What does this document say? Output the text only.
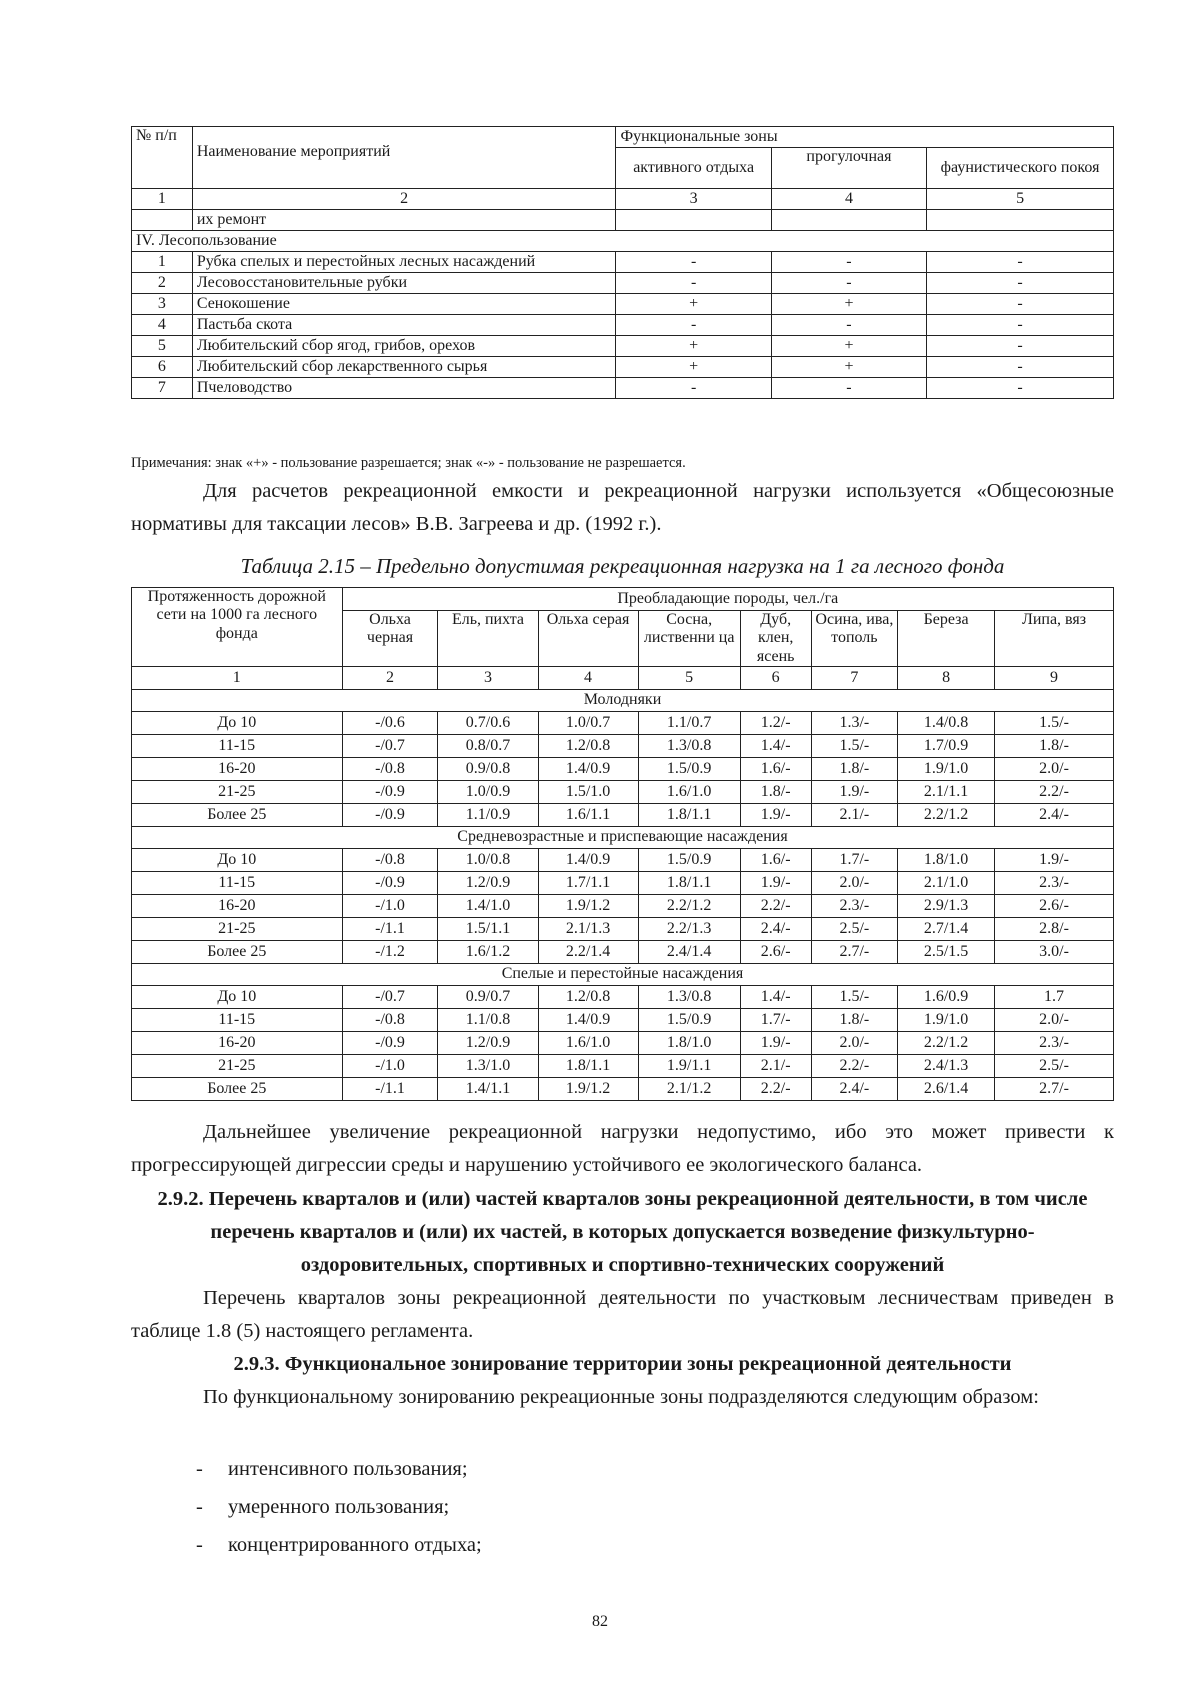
№ п/п	Наименование мероприятий	Функциональные зоны		
		активного отдыха	прогулочная	фаунистического покоя
1	2	3	4	5
	их ремонт			
IV. Лесопользование				
1	Рубка спелых и перестойных лесных насаждений	-	-	-
2	Лесовосстановительные рубки	-	-	-
3	Сенокошение	+	+	-
4	Пастьба скота	-	-	-
5	Любительский сбор ягод, грибов, орехов	+	+	-
6	Любительский сбор лекарственного сырья	+	+	-
7	Пчеловодство	-	-	-
Примечания: знак «+» - пользование разрешается; знак «-» - пользование не разрешается.
Для расчетов рекреационной емкости и рекреационной нагрузки используется «Общесоюзные нормативы для таксации лесов» В.В. Загреева и др. (1992 г.).
Таблица 2.15 – Предельно допустимая рекреационная нагрузка на 1 га лесного фонда
Протяженность дорожной сети на 1000 га лесного фонда	Преобладающие породы, чел./га							
	Ольха черная	Ель, пихта	Ольха серая	Сосна, лиственни ца	Дуб, клен, ясень	Осина, ива, тополь	Береза	Липа, вяз
1	2	3	4	5	6	7	8	9
Молодняки								
До 10	-/0.6	0.7/0.6	1.0/0.7	1.1/0.7	1.2/-	1.3/-	1.4/0.8	1.5/-
11-15	-/0.7	0.8/0.7	1.2/0.8	1.3/0.8	1.4/-	1.5/-	1.7/0.9	1.8/-
16-20	-/0.8	0.9/0.8	1.4/0.9	1.5/0.9	1.6/-	1.8/-	1.9/1.0	2.0/-
21-25	-/0.9	1.0/0.9	1.5/1.0	1.6/1.0	1.8/-	1.9/-	2.1/1.1	2.2/-
Более 25	-/0.9	1.1/0.9	1.6/1.1	1.8/1.1	1.9/-	2.1/-	2.2/1.2	2.4/-
Средневозрастные и приспевающие насаждения								
До 10	-/0.8	1.0/0.8	1.4/0.9	1.5/0.9	1.6/-	1.7/-	1.8/1.0	1.9/-
11-15	-/0.9	1.2/0.9	1.7/1.1	1.8/1.1	1.9/-	2.0/-	2.1/1.0	2.3/-
16-20	-/1.0	1.4/1.0	1.9/1.2	2.2/1.2	2.2/-	2.3/-	2.9/1.3	2.6/-
21-25	-/1.1	1.5/1.1	2.1/1.3	2.2/1.3	2.4/-	2.5/-	2.7/1.4	2.8/-
Более 25	-/1.2	1.6/1.2	2.2/1.4	2.4/1.4	2.6/-	2.7/-	2.5/1.5	3.0/-
Спелые и перестойные насаждения								
До 10	-/0.7	0.9/0.7	1.2/0.8	1.3/0.8	1.4/-	1.5/-	1.6/0.9	1.7
11-15	-/0.8	1.1/0.8	1.4/0.9	1.5/0.9	1.7/-	1.8/-	1.9/1.0	2.0/-
16-20	-/0.9	1.2/0.9	1.6/1.0	1.8/1.0	1.9/-	2.0/-	2.2/1.2	2.3/-
21-25	-/1.0	1.3/1.0	1.8/1.1	1.9/1.1	2.1/-	2.2/-	2.4/1.3	2.5/-
Более 25	-/1.1	1.4/1.1	1.9/1.2	2.1/1.2	2.2/-	2.4/-	2.6/1.4	2.7/-
Дальнейшее увеличение рекреационной нагрузки недопустимо, ибо это может привести к прогрессирующей дигрессии среды и нарушению устойчивого ее экологического баланса.
2.9.2. Перечень кварталов и (или) частей кварталов зоны рекреационной деятельности, в том числе перечень кварталов и (или) их частей, в которых допускается возведение физкультурно-оздоровительных, спортивных и спортивно-технических сооружений
Перечень кварталов зоны рекреационной деятельности по участковым лесничествам приведен в таблице 1.8 (5) настоящего регламента.
2.9.3. Функциональное зонирование территории зоны рекреационной деятельности
По функциональному зонированию рекреационные зоны подразделяются следующим образом:
- интенсивного пользования;
- умеренного пользования;
- концентрированного отдыха;
82
